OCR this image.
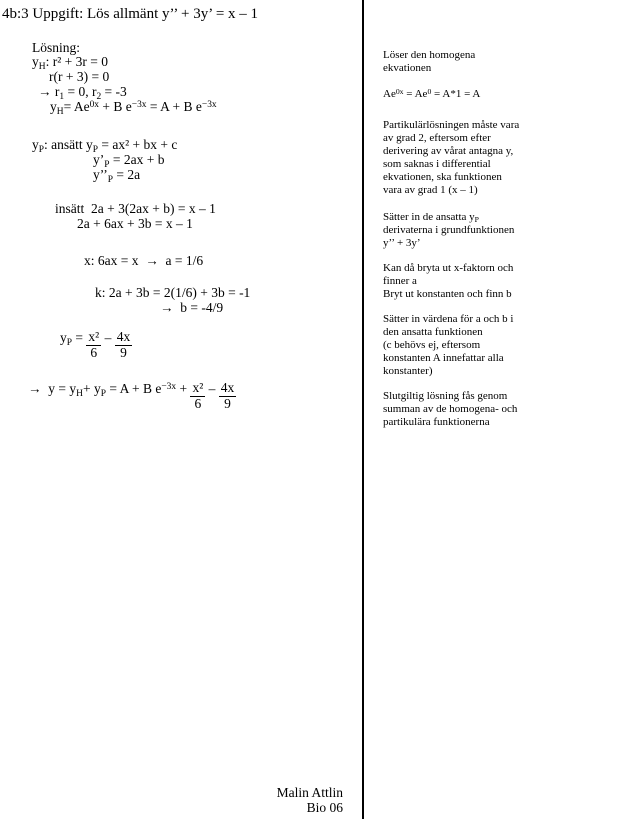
4b:3 Uppgift: Lös allmänt y’’ + 3y’ = x – 1
Lösning:
$y_H$: r² + 3r = 0
r(r + 3) = 0
→ $r_1 = 0$, $r_2 = -3$
$y_H= Ae^{0x} + B$ $e^{-3x} = A + B$ $e^{-3x}$
$y_P$: ansätt $y_P = ax^2$ + bx + c
$y’_P = 2ax + b$
$y’’_P = 2a$
insätt  2a + 3(2ax + b) = x – 1
2a + 6ax + 3b = x – 1
x: 6ax = x  →  a = 1/6
k: 2a + 3b = 2(1/6) + 3b = -1
→  b = -4/9
$y_P = \frac{\text{x²}}{6} - \frac{4x}{9}$
→  $y = y_H+ y_P = A + B$ $e^{-3x} + \frac{\text{x²}}{6} - \frac{4x}{9}$
Löser den homogena
ekvationen
$Ae^{0x} = Ae^0 = A*1 = A$
Partikulärlösningen måste vara
av grad 2, eftersom efter
derivering av vårat antagna y,
som saknas i differential
ekvationen, ska funktionen
vara av grad 1 (x – 1)
Sätter in de ansatta $y_P$
derivaterna i grundfunktionen
y’’ + 3y’
Kan då bryta ut x-faktorn och
finner a
Bryt ut konstanten och finn b
Sätter in värdena för a och b i
den ansatta funktionen
(c behövs ej, eftersom
konstanten A innefattar alla
konstanter)
Slutgiltig lösning fås genom
summan av de homogena- och
partikulära funktionerna
Malin Attlin
Bio 06
